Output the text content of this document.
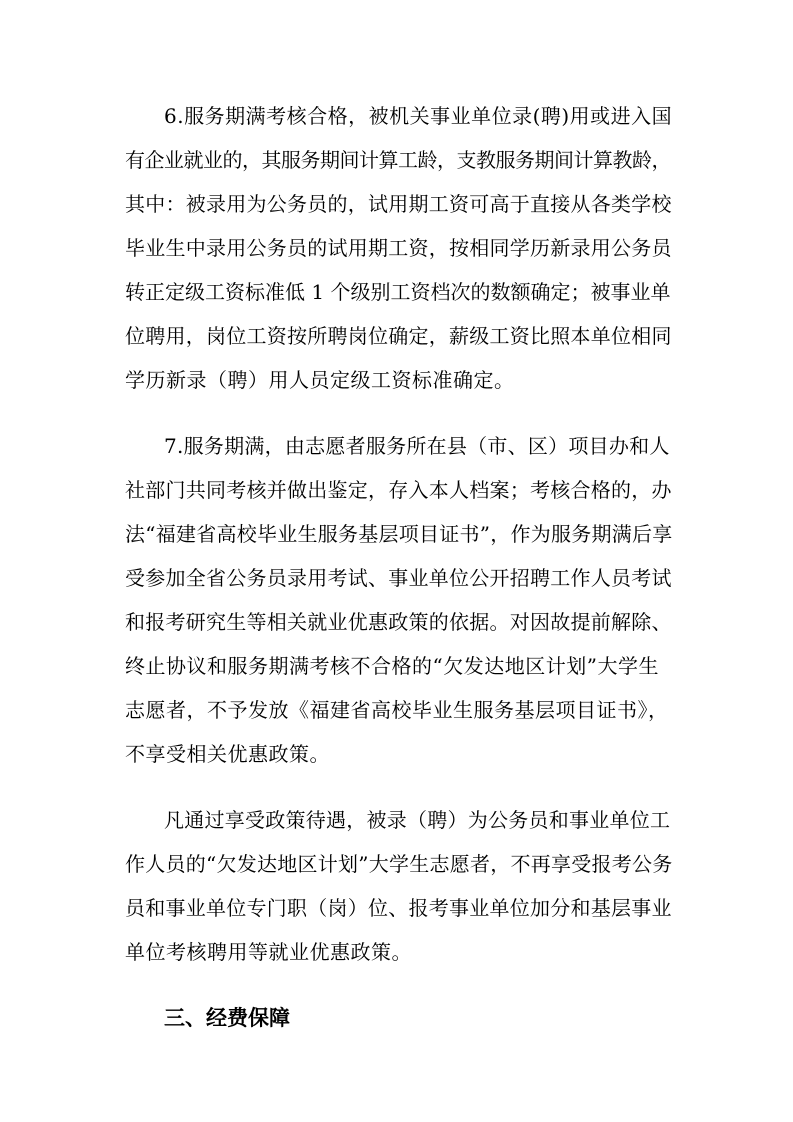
6.服务期满考核合格，被机关事业单位录(聘)用或进入国
有企业就业的，其服务期间计算工龄，支教服务期间计算教龄，
其中：被录用为公务员的，试用期工资可高于直接从各类学校
毕业生中录用公务员的试用期工资，按相同学历新录用公务员
转正定级工资标准低 1 个级别工资档次的数额确定；被事业单
位聘用，岗位工资按所聘岗位确定，薪级工资比照本单位相同
学历新录（聘）用人员定级工资标准确定。
7.服务期满，由志愿者服务所在县（市、区）项目办和人
社部门共同考核并做出鉴定，存入本人档案；考核合格的，办
法“福建省高校毕业生服务基层项目证书”，作为服务期满后享
受参加全省公务员录用考试、事业单位公开招聘工作人员考试
和报考研究生等相关就业优惠政策的依据。对因故提前解除、
终止协议和服务期满考核不合格的“欠发达地区计划”大学生
志愿者，不予发放《福建省高校毕业生服务基层项目证书》，
不享受相关优惠政策。
凡通过享受政策待遇，被录（聘）为公务员和事业单位工
作人员的“欠发达地区计划”大学生志愿者，不再享受报考公务
员和事业单位专门职（岗）位、报考事业单位加分和基层事业
单位考核聘用等就业优惠政策。
三、经费保障
